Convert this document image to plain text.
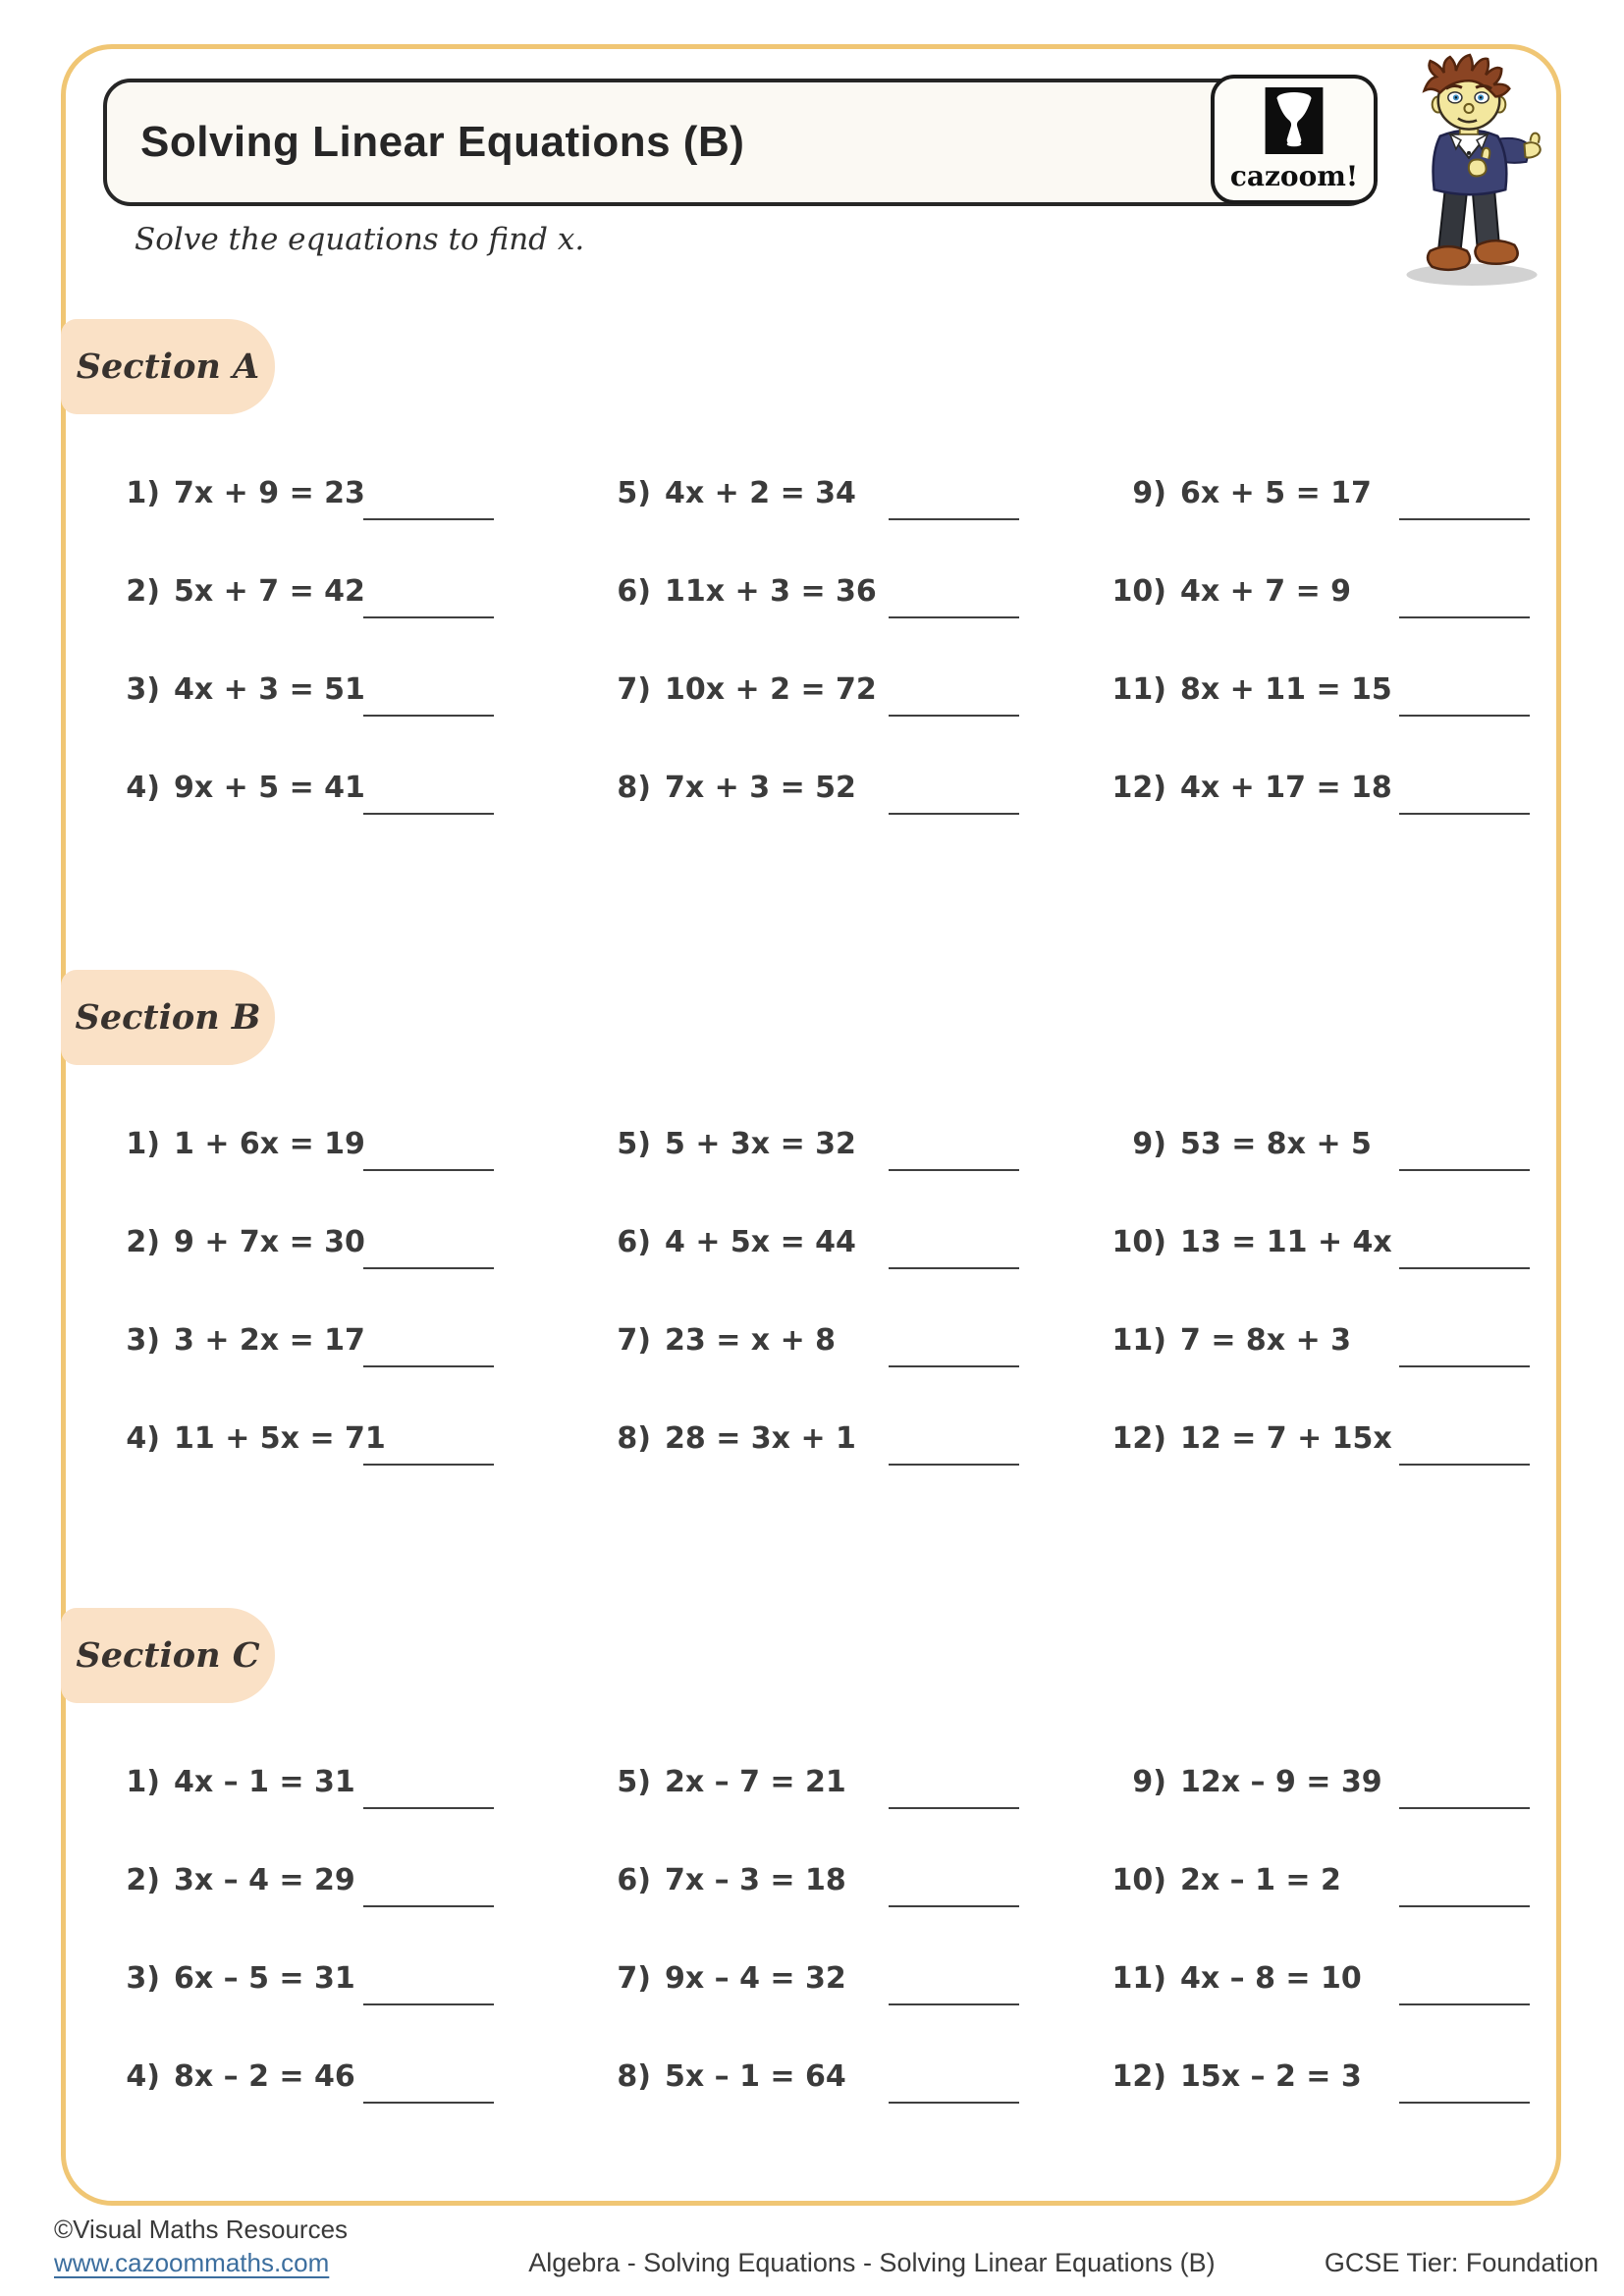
Solving Linear Equations (B)
cazoom!

Solve the equations to find x.

Section A
1) 7x + 9 = 23
2) 5x + 7 = 42
3) 4x + 3 = 51
4) 9x + 5 = 41
5) 4x + 2 = 34
6) 11x + 3 = 36
7) 10x + 2 = 72
8) 7x + 3 = 52
9) 6x + 5 = 17
10) 4x + 7 = 9
11) 8x + 11 = 15
12) 4x + 17 = 18
Section B
1) 1 + 6x = 19
2) 9 + 7x = 30
3) 3 + 2x = 17
4) 11 + 5x = 71
5) 5 + 3x = 32
6) 4 + 5x = 44
7) 23 = x + 8
8) 28 = 3x + 1
9) 53 = 8x + 5
10) 13 = 11 + 4x
11) 7 = 8x + 3
12) 12 = 7 + 15x
Section C
1) 4x – 1 = 31
2) 3x – 4 = 29
3) 6x – 5 = 31
4) 8x – 2 = 46
5) 2x – 7 = 21
6) 7x – 3 = 18
7) 9x – 4 = 32
8) 5x – 1 = 64
9) 12x – 9 = 39
10) 2x – 1 = 2
11) 4x – 8 = 10
12) 15x – 2 = 3
©Visual Maths Resources
www.cazoommaths.com	Algebra - Solving Equations - Solving Linear Equations (B)	GCSE Tier: Foundation
